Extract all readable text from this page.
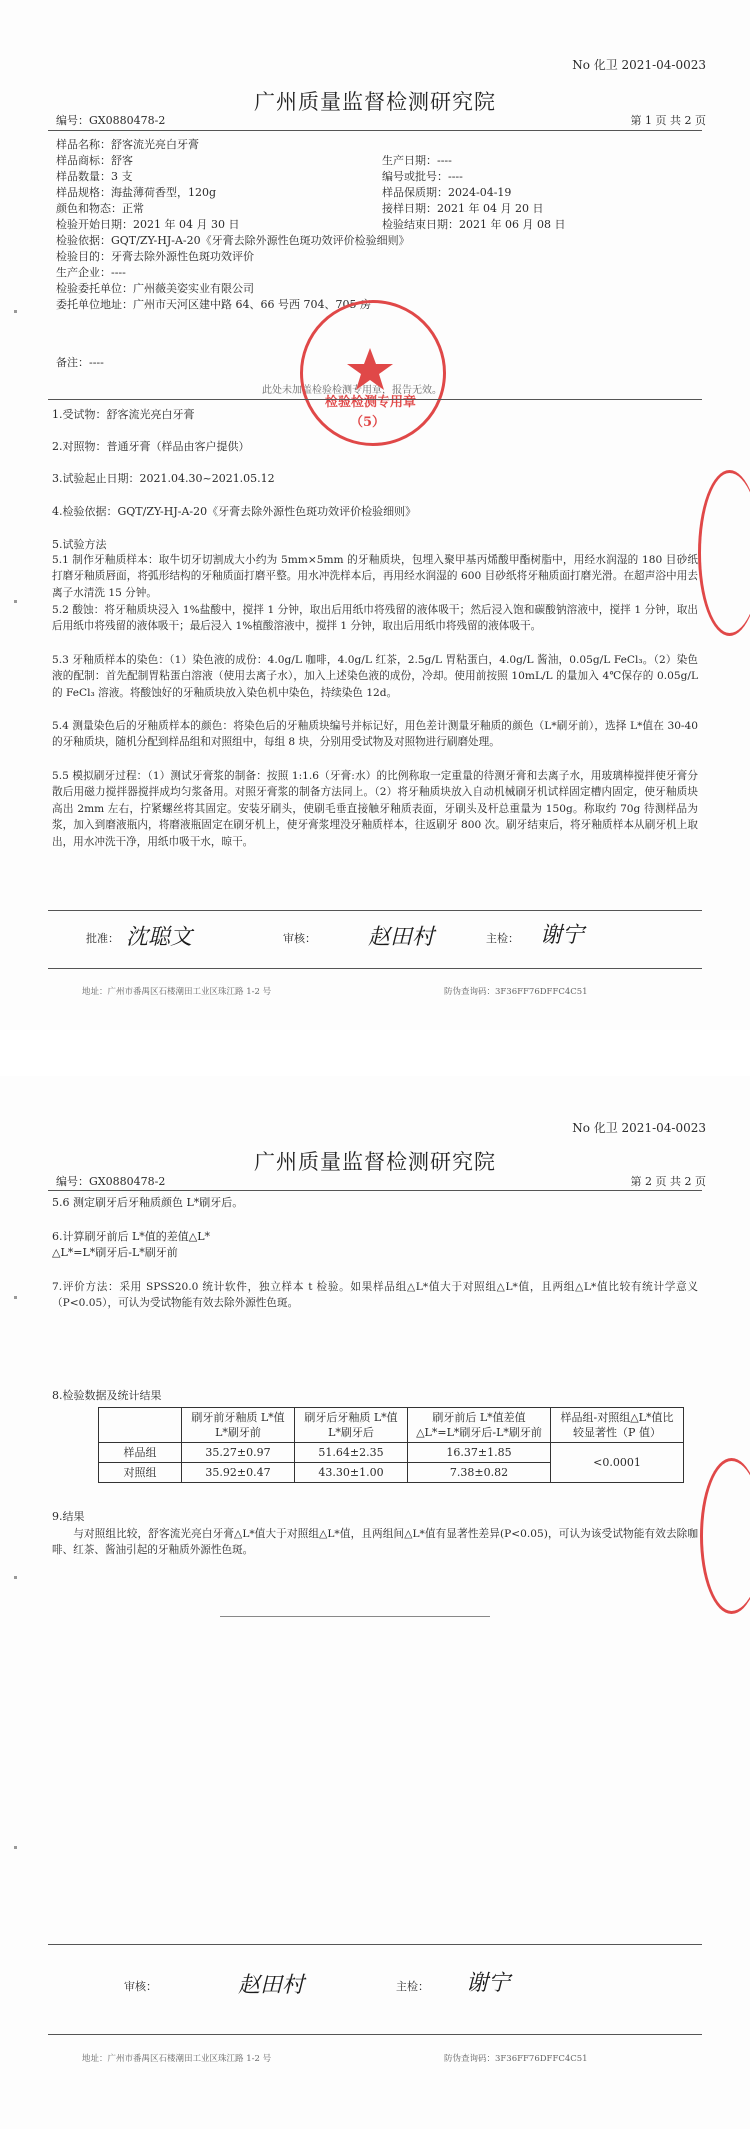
No 化卫 2021-04-0023
广州质量监督检测研究院
编号：GX0880478-2	第 1 页 共 2 页
样品名称：舒客流光亮白牙膏
样品商标：舒客
样品数量：3 支
样品规格：海盐薄荷香型，120g
颜色和物态：正常
检验开始日期：2021 年 04 月 30 日
检验依据：GQT/ZY-HJ-A-20《牙膏去除外源性色斑功效评价检验细则》
检验目的：牙膏去除外源性色斑功效评价
生产企业：----
检验委托单位：广州薇美姿实业有限公司
委托单位地址：广州市天河区建中路 64、66 号西 704、705 房
生产日期：----
编号或批号：----
样品保质期：2024-04-19
接样日期：2021 年 04 月 20 日
检验结束日期：2021 年 06 月 08 日
备注：----
此处未加盖检验检测专用章，报告无效。
检验检测专用章
（5）
1.受试物：舒客流光亮白牙膏
2.对照物：普通牙膏（样品由客户提供）
3.试验起止日期：2021.04.30~2021.05.12
4.检验依据：GQT/ZY-HJ-A-20《牙膏去除外源性色斑功效评价检验细则》
5.试验方法
5.1 制作牙釉质样本：取牛切牙切割成大小约为 5mm×5mm 的牙釉质块，包埋入聚甲基丙烯酸甲酯树脂中，用经水润湿的 180 目砂纸打磨牙釉质唇面，将弧形结构的牙釉质面打磨平整。用水冲洗样本后，再用经水润湿的 600 目砂纸将牙釉质面打磨光滑。在超声浴中用去离子水清洗 15 分钟。
5.2 酸蚀：将牙釉质块浸入 1%盐酸中，搅拌 1 分钟，取出后用纸巾将残留的液体吸干；然后浸入饱和碳酸钠溶液中，搅拌 1 分钟，取出后用纸巾将残留的液体吸干；最后浸入 1%植酸溶液中，搅拌 1 分钟，取出后用纸巾将残留的液体吸干。
5.3 牙釉质样本的染色：（1）染色液的成份：4.0g/L 咖啡，4.0g/L 红茶，2.5g/L 胃粘蛋白，4.0g/L 酱油，0.05g/L FeCl₃。（2）染色液的配制：首先配制胃粘蛋白溶液（使用去离子水），加入上述染色液的成份，冷却。使用前按照 10mL/L 的量加入 4℃保存的 0.05g/L 的 FeCl₃ 溶液。将酸蚀好的牙釉质块放入染色机中染色，持续染色 12d。
5.4 测量染色后的牙釉质样本的颜色：将染色后的牙釉质块编号并标记好，用色差计测量牙釉质的颜色（L*刷牙前），选择 L*值在 30-40 的牙釉质块，随机分配到样品组和对照组中，每组 8 块，分别用受试物及对照物进行刷磨处理。
5.5 模拟刷牙过程：（1）测试牙膏浆的制备：按照 1:1.6（牙膏:水）的比例称取一定重量的待测牙膏和去离子水，用玻璃棒搅拌使牙膏分散后用磁力搅拌器搅拌成均匀浆备用。对照牙膏浆的制备方法同上。（2）将牙釉质块放入自动机械刷牙机试样固定槽内固定，使牙釉质块高出 2mm 左右，拧紧螺丝将其固定。安装牙刷头，使刷毛垂直接触牙釉质表面，牙刷头及杆总重量为 150g。称取约 70g 待测样品为浆，加入到磨液瓶内，将磨液瓶固定在刷牙机上，使牙膏浆埋没牙釉质样本，往返刷牙 800 次。刷牙结束后，将牙釉质样本从刷牙机上取出，用水冲洗干净，用纸巾吸干水，晾干。
批准： 沈聪文	审核： 赵田村	主检： 谢宁
地址：广州市番禺区石楼潮田工业区珠江路 1-2 号	防伪查询码：3F36FF76DFFC4C51
No 化卫 2021-04-0023
广州质量监督检测研究院
编号：GX0880478-2	第 2 页 共 2 页
5.6 测定刷牙后牙釉质颜色 L*刷牙后。
6.计算刷牙前后 L*值的差值△L*
△L*=L*刷牙后-L*刷牙前
7.评价方法：采用 SPSS20.0 统计软件，独立样本 t 检验。如果样品组△L*值大于对照组△L*值，且两组△L*值比较有统计学意义（P<0.05），可认为受试物能有效去除外源性色斑。
8.检验数据及统计结果
	刷牙前牙釉质 L*值 L*刷牙前	刷牙后牙釉质 L*值 L*刷牙后	刷牙前后 L*值差值 △L*=L*刷牙后-L*刷牙前	样品组-对照组△L*值比较显著性（P 值）
样品组	35.27±0.97	51.64±2.35	16.37±1.85	<0.0001
对照组	35.92±0.47	43.30±1.00	7.38±0.82	
9.结果
与对照组比较，舒客流光亮白牙膏△L*值大于对照组△L*值，且两组间△L*值有显著性差异(P<0.05)，可认为该受试物能有效去除咖啡、红茶、酱油引起的牙釉质外源性色斑。
审核：	赵田村	主检： 谢宁
地址：广州市番禺区石楼潮田工业区珠江路 1-2 号	防伪查询码：3F36FF76DFFC4C51
